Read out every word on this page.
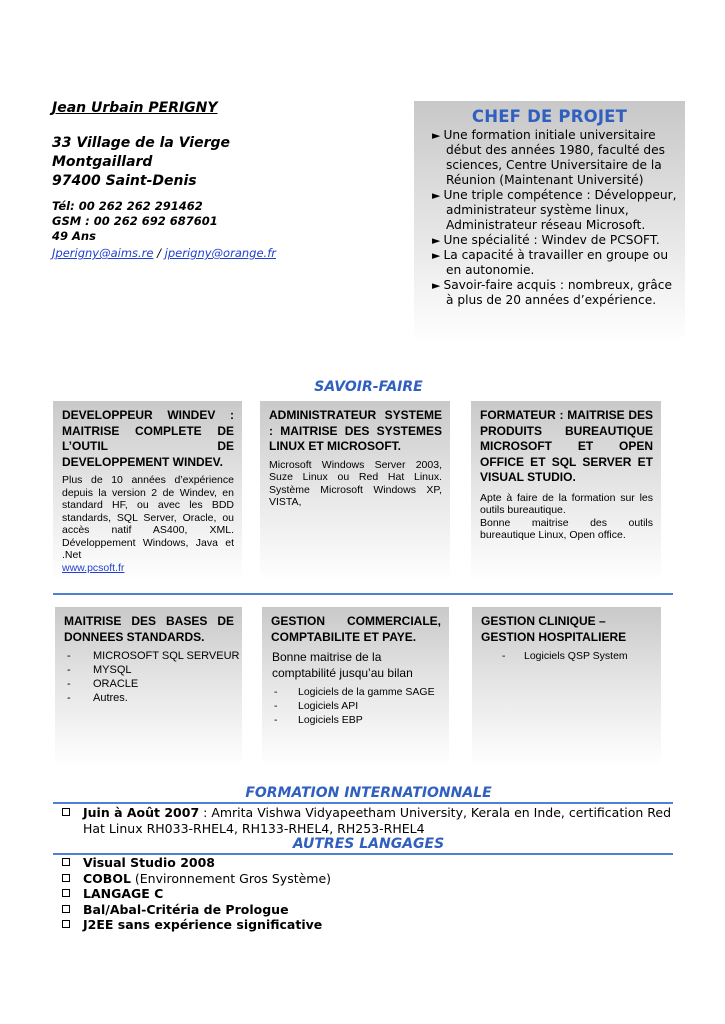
Jean Urbain PERIGNY
33 Village de la Vierge
Montgaillard
97400 Saint-Denis
Tél: 00 262 262 291462
GSM : 00 262 692 687601
49 Ans
Jperigny@aims.re / jperigny@orange.fr
CHEF DE PROJET
► Une formation initiale universitaire début des années 1980, faculté des sciences, Centre Universitaire de la Réunion (Maintenant Université)
► Une triple compétence : Développeur, administrateur système linux, Administrateur réseau Microsoft.
► Une spécialité : Windev de PCSOFT.
► La capacité à travailler en groupe ou en autonomie.
► Savoir-faire acquis : nombreux, grâce à plus de 20 années d’expérience.
SAVOIR-FAIRE
DEVELOPPEUR WINDEV : MAITRISE COMPLETE DE L’OUTIL DE DEVELOPPEMENT WINDEV.
Plus de 10 années d’expérience depuis la version 2 de Windev, en standard HF, ou avec les BDD standards, SQL Server, Oracle, ou accès natif AS400, XML. Développement Windows, Java et .Net
www.pcsoft.fr
ADMINISTRATEUR SYSTEME : MAITRISE DES SYSTEMES LINUX ET MICROSOFT.
Microsoft Windows Server 2003, Suze Linux ou Red Hat Linux. Système Microsoft Windows XP, VISTA,
FORMATEUR : MAITRISE DES PRODUITS BUREAUTIQUE MICROSOFT ET OPEN OFFICE ET SQL SERVER ET VISUAL STUDIO.
Apte à faire de la formation sur les outils bureautique.
Bonne maitrise des outils bureautique Linux, Open office.
MAITRISE DES BASES DE DONNEES STANDARDS.
- MICROSOFT SQL SERVEUR
- MYSQL
- ORACLE
- Autres.
GESTION COMMERCIALE, COMPTABILITE ET PAYE.
Bonne maitrise de la comptabilité jusqu’au bilan
- Logiciels de la gamme SAGE
- Logiciels API
- Logiciels EBP
GESTION CLINIQUE – GESTION HOSPITALIERE
- Logiciels QSP System
FORMATION INTERNATIONNALE
Juin à Août 2007 : Amrita Vishwa Vidyapeetham University, Kerala en Inde, certification Red Hat Linux RH033-RHEL4, RH133-RHEL4, RH253-RHEL4
AUTRES LANGAGES
Visual Studio 2008
COBOL (Environnement Gros Système)
LANGAGE C
Bal/Abal-Critéria de Prologue
J2EE sans expérience significative
